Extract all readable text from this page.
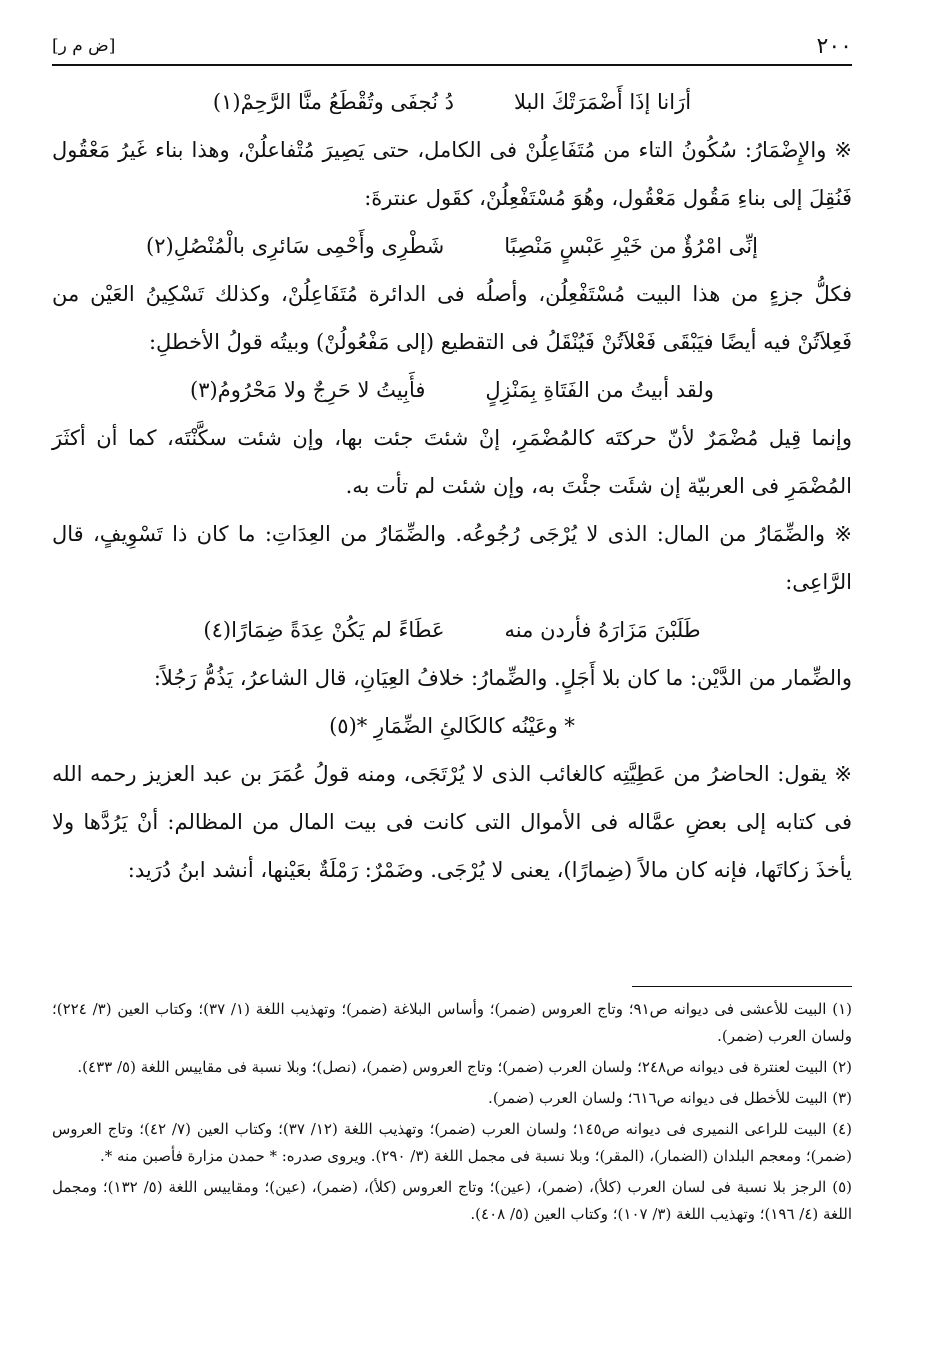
٢٠٠
[ض م ر]

أرَانا إذَا أَضْمَرَتْكَ البلا
دُ نُجفَى وتُقْطَعُ منَّا الرَّحِمْ(١)

※ والإِضْمَارُ: سُكُونُ التاء من مُتَفَاعِلُنْ فى الكامل، حتى يَصِيرَ مُتْفاعلُنْ، وهذا بناء غَيرُ مَعْقُول فَنُقِلَ إلى بناءِ مَقُول مَعْقُول، وهُوَ مُسْتَفْعِلُنْ، كقَول عنترةَ:

إنِّى امْرُؤٌ من خَيْرِ عَبْسٍ مَنْصِبًا
شَطْرِى وأَحْمِى سَائرِى بالْمُنْصُلِ(٢)

فكلُّ جزءٍ من هذا البيت مُسْتَفْعِلُن، وأصلُه فى الدائرة مُتَفَاعِلُنْ، وكذلك تَسْكِينُ العَيْن من فَعِلاَتُنْ فيه أيضًا فيَبْقَى فَعْلاَتُنْ فَيُنْقَلُ فى التقطيع (إلى مَفْعُولُنْ) وبيتُه قولُ الأخطلِ:

ولقد أبيتُ من الفَتَاةِ بِمَنْزِلٍ
فأَبِيتُ لا حَرِجٌ ولا مَحْرُومُ(٣)

وإنما قِيل مُضْمَرٌ لأنّ حركتَه كالمُضْمَرِ، إنْ شئتَ جئت بها، وإن شئت سكَّنْتَه، كما أن أكثَرَ المُضْمَرِ فى العربيّة إن شئَت جئْتَ به، وإن شئت لم تأت به.

※ والضِّمَارُ من المال: الذى لا يُرْجَى رُجُوعُه. والضِّمَارُ من العِدَاتِ: ما كان ذا تَسْوِيفٍ، قال الرَّاعِى:

طَلَبْنَ مَزَارَهُ فأردن منه
عَطَاءً لم يَكُنْ عِدَةً ضِمَارًا(٤)

والضِّمار من الدَّيْن: ما كان بلا أَجَلٍ. والضِّمارُ: خلافُ العِيَانِ، قال الشاعرُ، يَذُمُّ رَجُلاً:

* وعَيْنُه كالكَالئِ الضِّمَارِ *(٥)

※ يقول: الحاضرُ من عَطِيَّتِه كالغائب الذى لا يُرْتَجَى، ومنه قولُ عُمَرَ بن عبد العزيز رحمه الله فى كتابه إلى بعضِ عمَّاله فى الأموال التى كانت فى بيت المال من المظالم: أنْ يَرُدَّها ولا يأخذَ زكاتَها، فإنه كان مالاً (ضِمارًا)، يعنى لا يُرْجَى. وضَمْرٌ: رَمْلَةٌ بعَيْنها، أنشد ابنُ دُرَيد:

(١) البيت للأعشى فى ديوانه ص٩١؛ وتاج العروس (ضمر)؛ وأساس البلاغة (ضمر)؛ وتهذيب اللغة (١/ ٣٧)؛ وكتاب العين (٣/ ٢٢٤)؛ ولسان العرب (ضمر).

(٢) البيت لعنترة فى ديوانه ص٢٤٨؛ ولسان العرب (ضمر)؛ وتاج العروس (ضمر)، (نصل)؛ وبلا نسبة فى مقاييس اللغة (٥/ ٤٣٣).

(٣) البيت للأخطل فى ديوانه ص٦١٦؛ ولسان العرب (ضمر).

(٤) البيت للراعى النميرى فى ديوانه ص١٤٥؛ ولسان العرب (ضمر)؛ وتهذيب اللغة (١٢/ ٣٧)؛ وكتاب العين (٧/ ٤٢)؛ وتاج العروس (ضمر)؛ ومعجم البلدان (الضمار)، (المقر)؛ وبلا نسبة فى مجمل اللغة (٣/ ٢٩٠). ويروى صدره: * حمدن مزارة فأصبن منه *.

(٥) الرجز بلا نسبة فى لسان العرب (كلأ)، (ضمر)، (عين)؛ وتاج العروس (كلأ)، (ضمر)، (عين)؛ ومقاييس اللغة (٥/ ١٣٢)؛ ومجمل اللغة (٤/ ١٩٦)؛ وتهذيب اللغة (٣/ ١٠٧)؛ وكتاب العين (٥/ ٤٠٨).
